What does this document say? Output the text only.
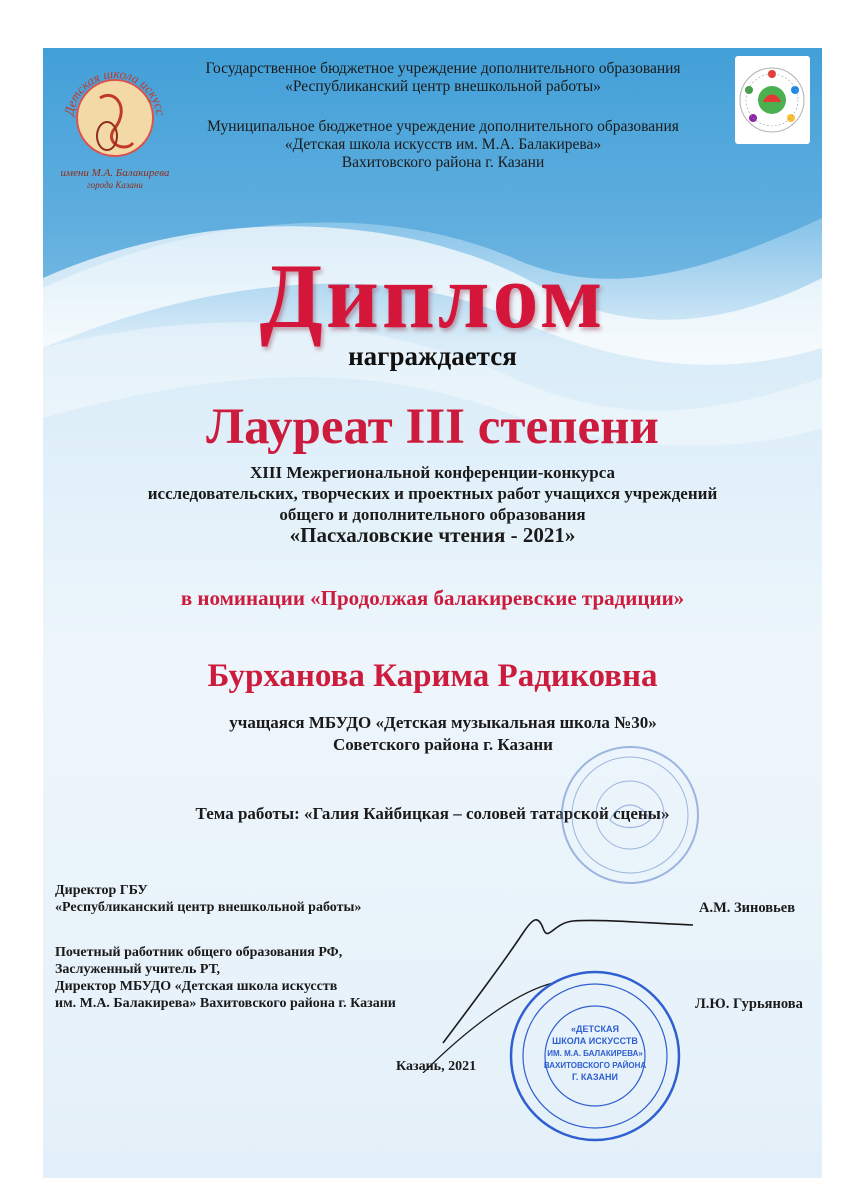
Детская школа искусс
имени М.А. Балакирева
города Казани
Государственное бюджетное учреждение дополнительного образования
«Республиканский центр внешкольной работы»
Муниципальное бюджетное учреждение дополнительного образования
«Детская школа искусств им. М.А. Балакирева»
Вахитовского района г. Казани
Диплом
награждается
Лауреат III степени
XIII Межрегиональной конференции-конкурса
исследовательских, творческих и проектных работ учащихся учреждений
общего и дополнительного образования
«Пасхаловские чтения - 2021»
в номинации «Продолжая балакиревские традиции»
Бурханова Карима Радиковна
учащаяся МБУДО «Детская музыкальная школа №30»
Советского района г. Казани
Тема работы: «Галия Кайбицкая – соловей татарской сцены»
Директор ГБУ
«Республиканский центр внешкольной работы»	А.М. Зиновьев
Почетный работник общего образования РФ,
Заслуженный учитель РТ,
Директор МБУДО «Детская школа искусств
им. М.А. Балакирева» Вахитовского района г. Казани	Л.Ю. Гурьянова
«ДЕТСКАЯ
ШКОЛА ИСКУССТВ
ИМ. М.А. БАЛАКИРЕВА»
ВАХИТОВСКОГО РАЙОНА
Г. КАЗАНИ
Казань, 2021
